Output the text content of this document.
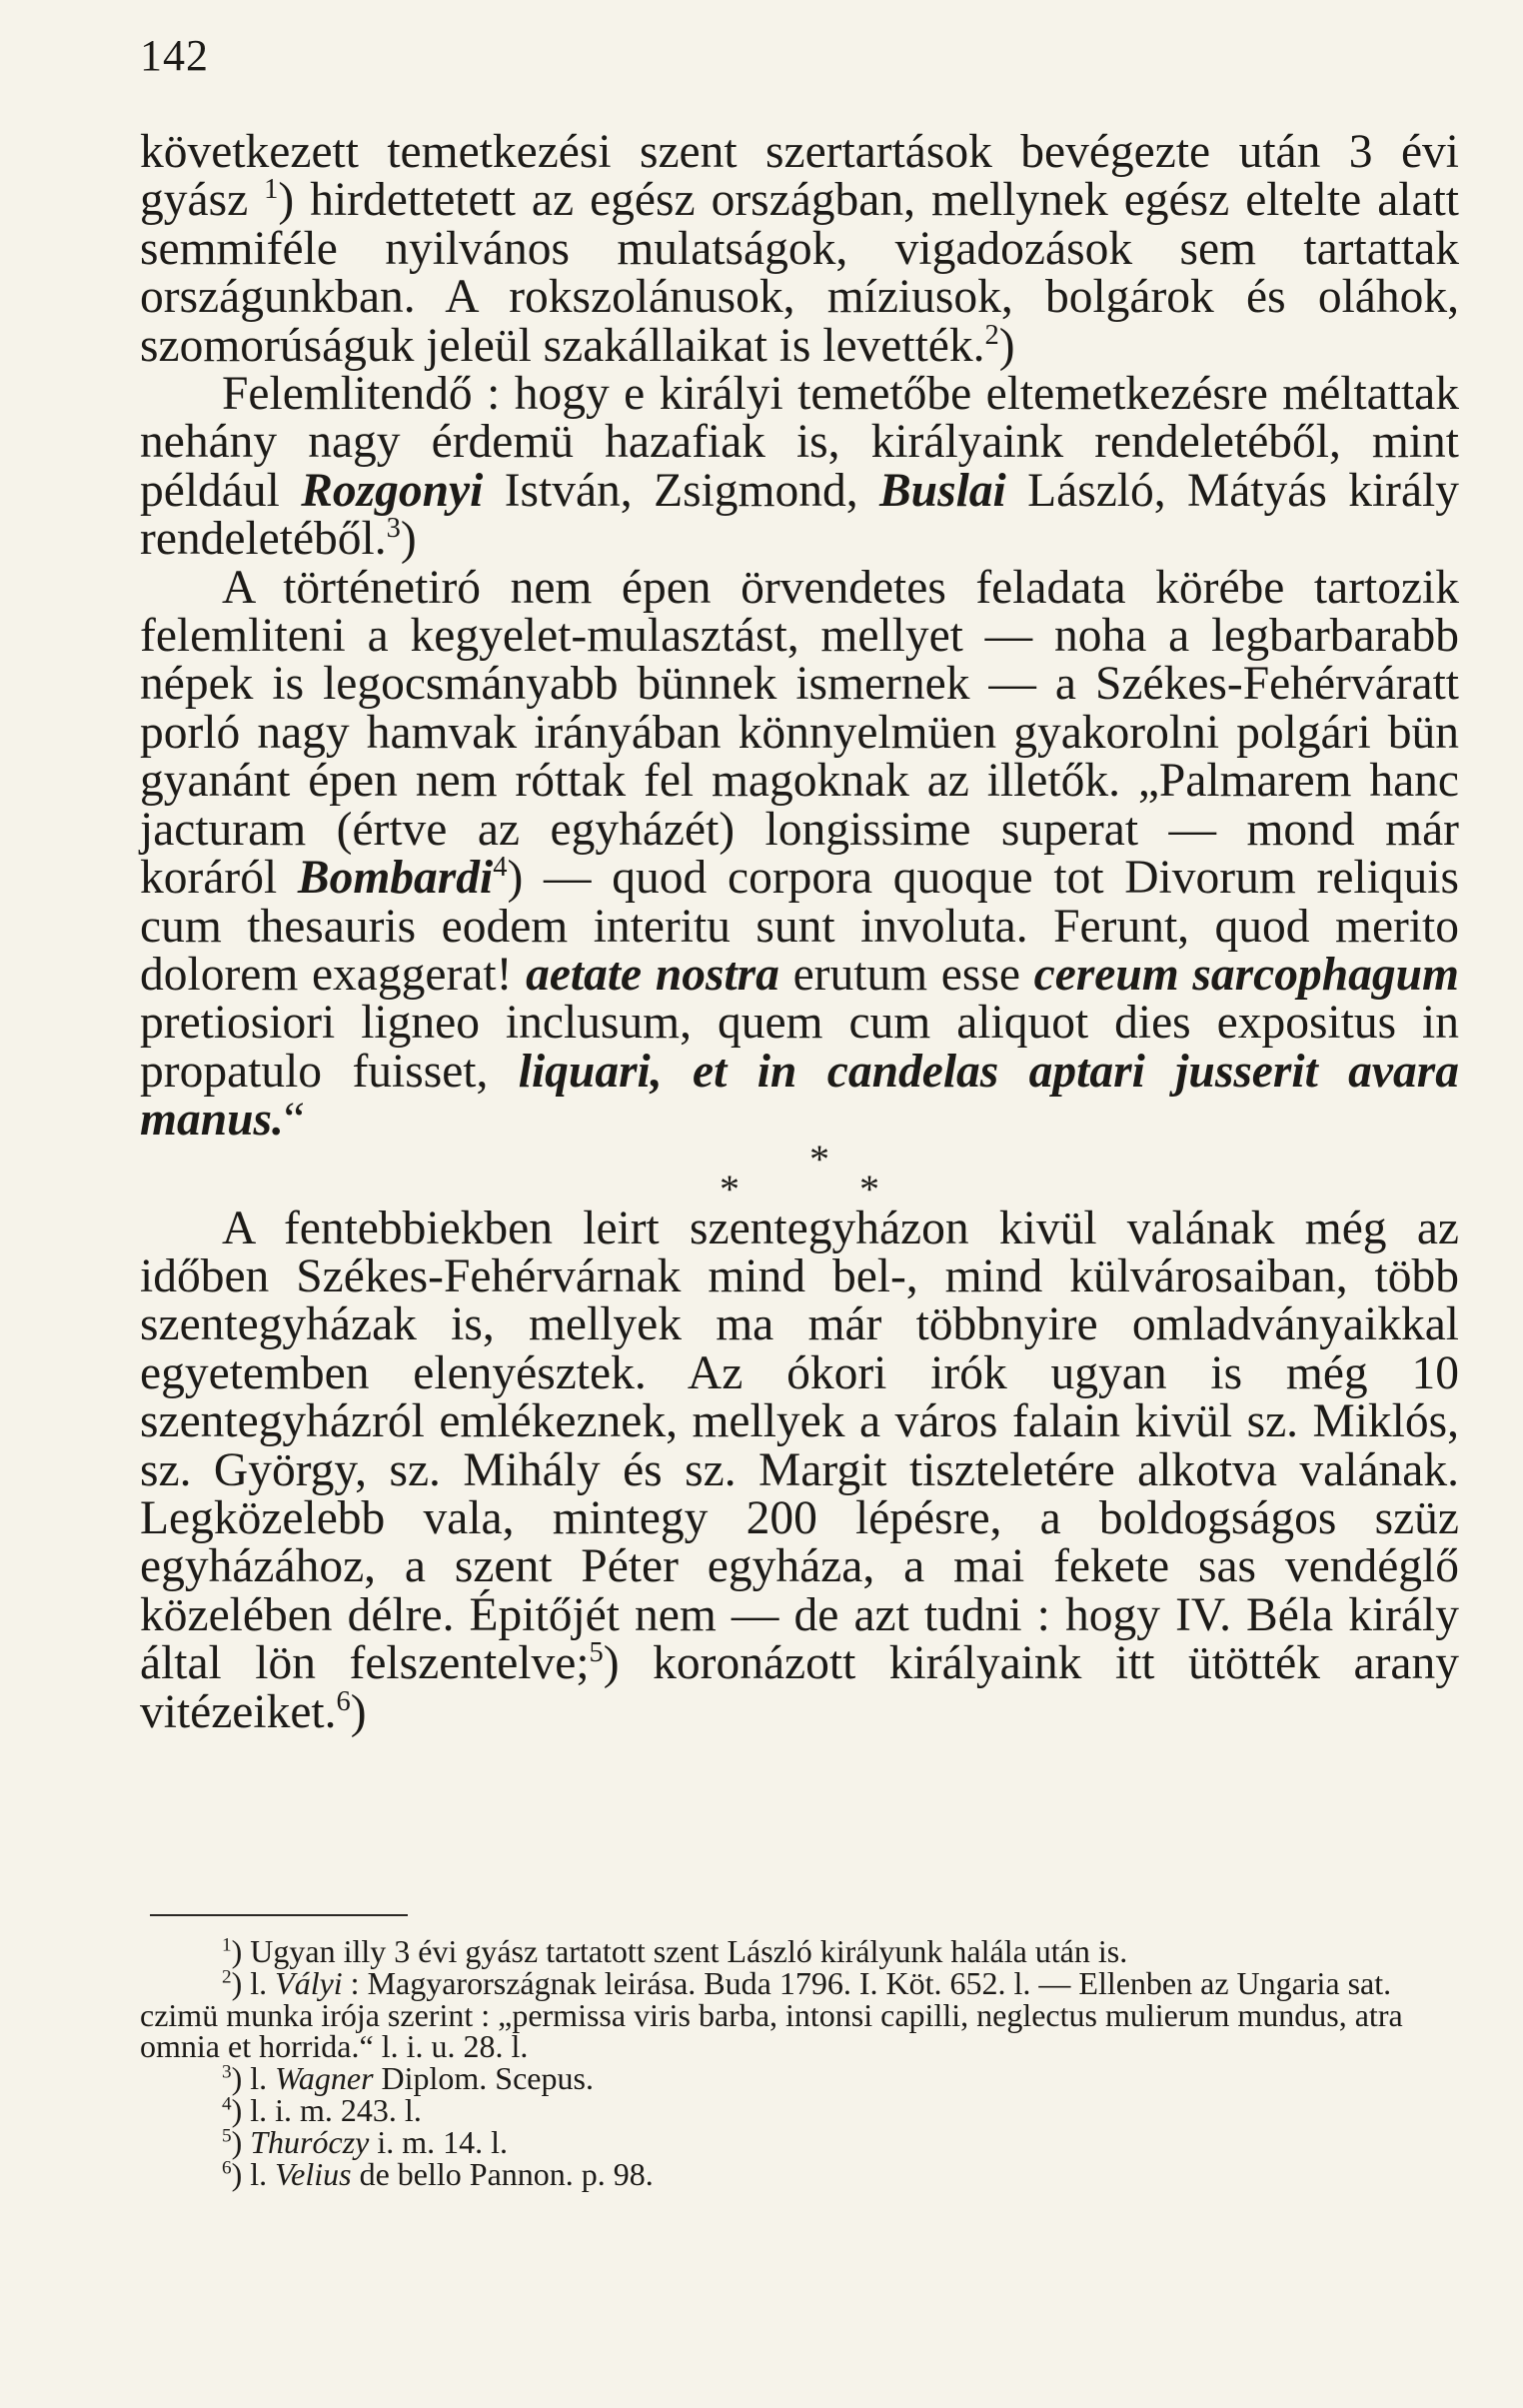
142

következett temetkezési szent szertartások bevégezte után 3 évi gyász $^1$) hirdettetett az egész országban, mellynek egész eltelte alatt semmiféle nyilvános mulatságok, vigadozások sem tartattak országunkban. A rokszolánusok, míziusok, bolgárok és oláhok, szomorúságuk jeleül szakállaikat is levették.$^2$)

Felemlitendő : hogy e királyi temetőbe eltemetkezésre méltattak nehány nagy érdemü hazafiak is, királyaink rendeletéből, mint például Rozgonyi István, Zsigmond, Buslai László, Mátyás király rendeletéből.$^3$)

A történetiró nem épen örvendetes feladata körébe tartozik felemliteni a kegyelet-mulasztást, mellyet — noha a legbarbarabb népek is legocsmányabb bünnek ismernek — a Székes-Fehérváratt porló nagy hamvak irányában könnyelmüen gyakorolni polgári bün gyanánt épen nem róttak fel magoknak az illetők. „Palmarem hanc jacturam (értve az egyházét) longissime superat — mond már koráról Bombardi$^4$) — quod corpora quoque tot Divorum reliquis cum thesauris eodem interitu sunt involuta. Ferunt, quod merito dolorem exaggerat! aetate nostra erutum esse cereum sarcophagum pretiosiori ligneo inclusum, quem cum aliquot dies expositus in propatulo fuisset, liquari, et in candelas aptari jusserit avara manus.“

*
*	*

A fentebbiekben leirt szentegyházon kivül valának még az időben Székes-Fehérvárnak mind bel-, mind külvárosaiban, több szentegyházak is, mellyek ma már többnyire omladványaikkal egyetemben elenyésztek. Az ókori irók ugyan is még 10 szentegyházról emlékeznek, mellyek a város falain kivül sz. Miklós, sz. György, sz. Mihály és sz. Margit tiszteletére alkotva valának. Legközelebb vala, mintegy 200 lépésre, a boldogságos szüz egyházához, a szent Péter egyháza, a mai fekete sas vendéglő közelében délre. Épitőjét nem — de azt tudni : hogy IV. Béla király által lön felszentelve;$^5$) koronázott királyaink itt ütötték arany vitézeiket.$^6$)

$^1$) Ugyan illy 3 évi gyász tartatott szent László királyunk halála után is.

$^2$) l. Vályi : Magyarországnak leirása. Buda 1796. I. Köt. 652. l. — Ellenben az Ungaria sat. czimü munka irója szerint : „permissa viris barba, intonsi capilli, neglectus mulierum mundus, atra omnia et horrida.“ l. i. u. 28. l.

$^3$) l. Wagner Diplom. Scepus.

$^4$) l. i. m. 243. l.

$^5$) Thuróczy i. m. 14. l.

$^6$) l. Velius de bello Pannon. p. 98.
